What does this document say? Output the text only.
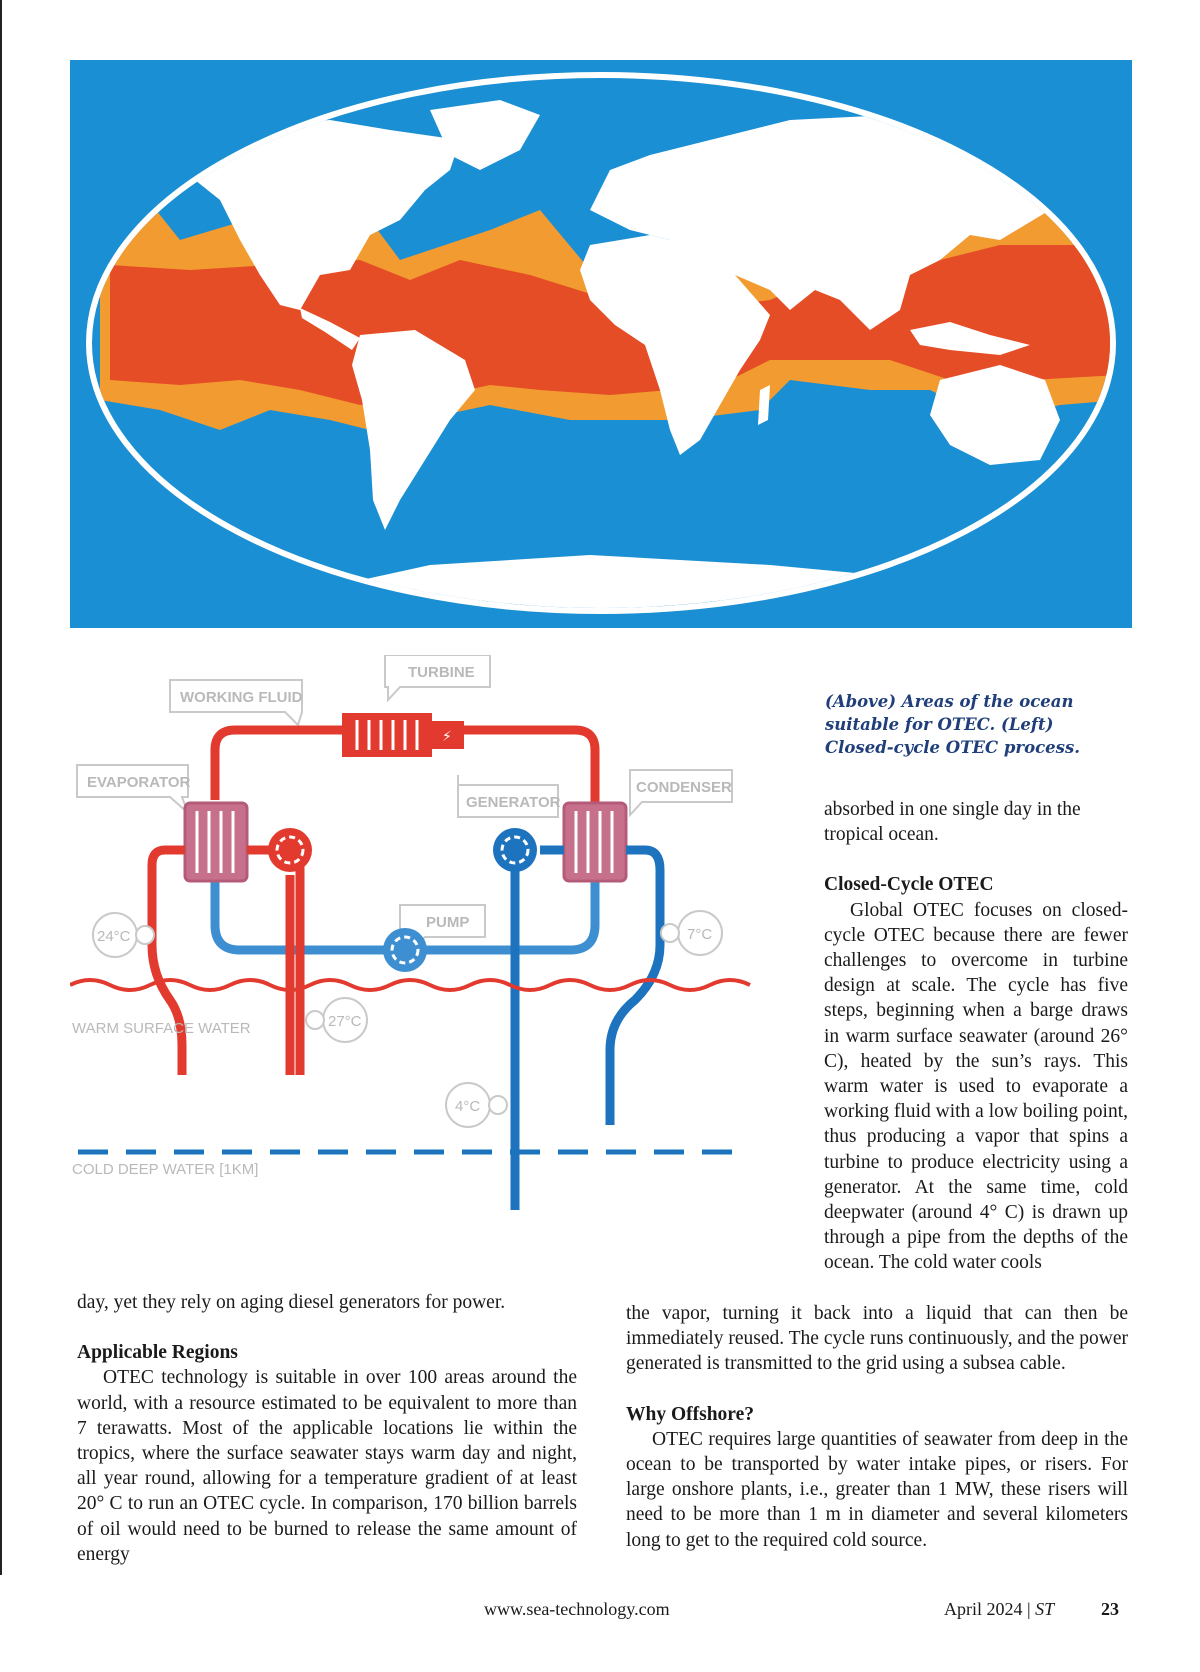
TURBINE
WORKING FLUID
EVAPORATOR
GENERATOR
CONDENSER
PUMP
⚡
24°C
27°C
4°C
7°C
WARM SURFACE WATER
COLD DEEP WATER [1KM]

(Above) Areas of the ocean suitable for OTEC. (Left) Closed-cycle OTEC process.

day, yet they rely on aging diesel generators for power.

Applicable Regions

OTEC technology is suitable in over 100 areas around the world, with a resource estimated to be equivalent to more than 7 terawatts. Most of the applicable locations lie within the tropics, where the surface seawater stays warm day and night, all year round, allowing for a temperature gradient of at least 20° C to run an OTEC cycle. In comparison, 170 billion barrels of oil would need to be burned to release the same amount of energy

absorbed in one single day in the tropical ocean.

Closed-Cycle OTEC

Global OTEC focuses on closed-cycle OTEC because there are fewer challenges to overcome in turbine design at scale. The cycle has five steps, beginning when a barge draws in warm surface seawater (around 26° C), heated by the sun’s rays. This warm water is used to evaporate a working fluid with a low boiling point, thus producing a vapor that spins a turbine to produce electricity using a generator. At the same time, cold deepwater (around 4° C) is drawn up through a pipe from the depths of the ocean. The cold water cools

the vapor, turning it back into a liquid that can then be immediately reused. The cycle runs continuously, and the power generated is transmitted to the grid using a subsea cable.

Why Offshore?

OTEC requires large quantities of seawater from deep in the ocean to be transported by water intake pipes, or risers. For large onshore plants, i.e., greater than 1 MW, these risers will need to be more than 1 m in diameter and several kilometers long to get to the required cold source.

www.sea-technology.com	April 2024 | ST	23
